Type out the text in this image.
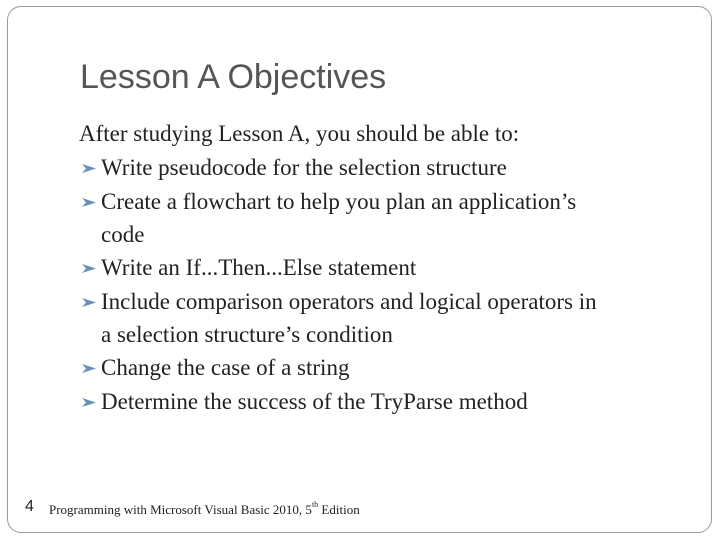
Lesson A Objectives

After studying Lesson A, you should be able to:

Write pseudocode for the selection structure

Create a flowchart to help you plan an application’s
code

Write an If...Then...Else statement

Include comparison operators and logical operators in
a selection structure’s condition

Change the case of a string

Determine the success of the TryParse method

4 Programming with Microsoft Visual Basic 2010, 5th Edition
